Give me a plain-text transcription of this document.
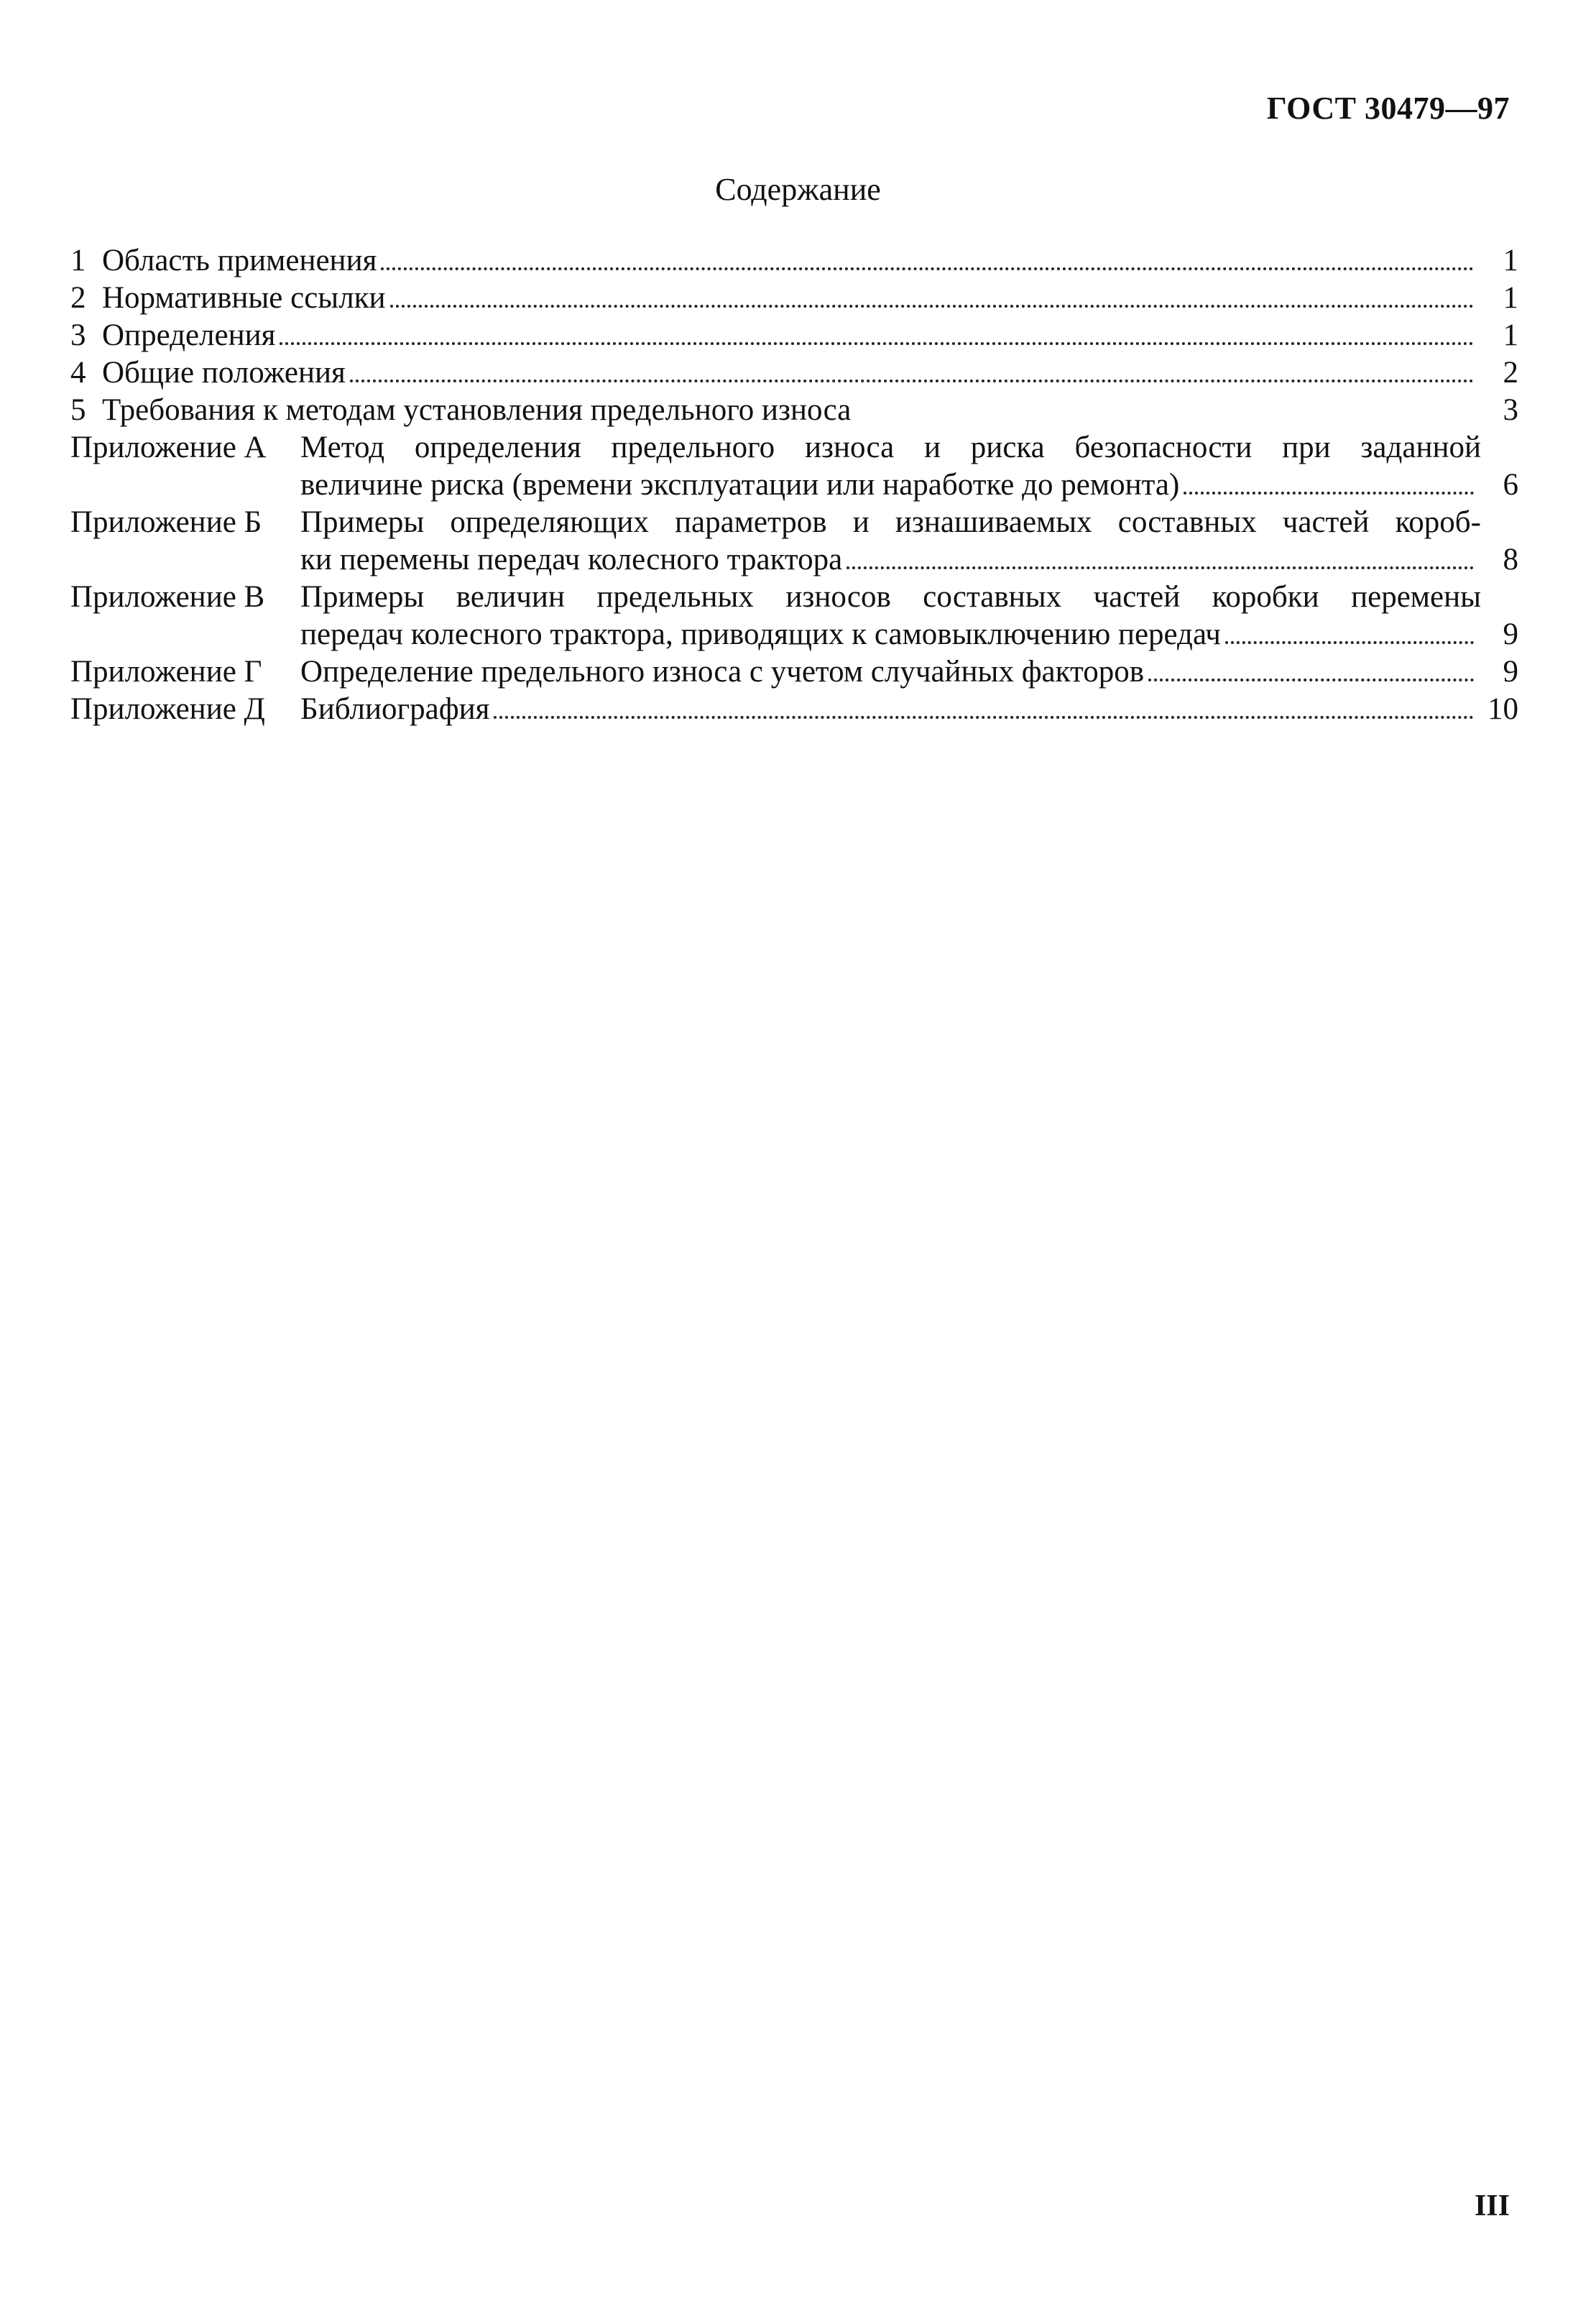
ГОСТ 30479—97
Содержание
1 Область применения	1
2 Нормативные ссылки	1
3 Определения	1
4 Общие положения	2
5 Требования к методам установления предельного износа	3
Приложение А	Метод определения предельного износа и риска безопасности при заданной
величине риска (времени эксплуатации или наработке до ремонта)	6
Приложение Б	Примеры определяющих параметров и изнашиваемых составных частей короб-
ки перемены передач колесного трактора	8
Приложение В	Примеры величин предельных износов составных частей коробки перемены
передач колесного трактора, приводящих к самовыключению передач	9
Приложение Г	Определение предельного износа с учетом случайных факторов	9
Приложение Д	Библиография	10
III
